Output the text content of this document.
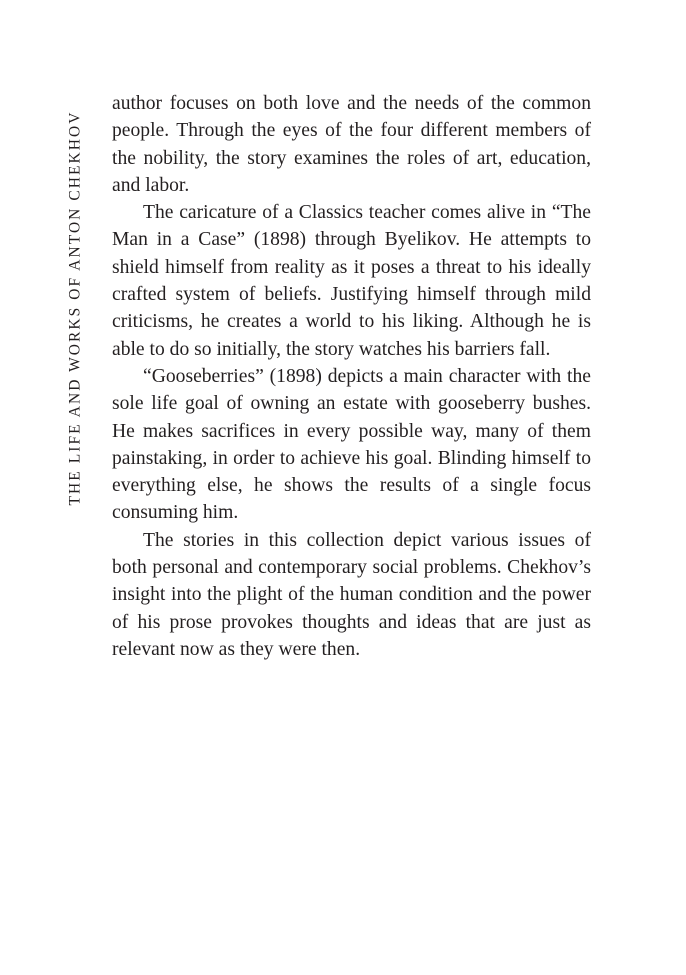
THE LIFE AND WORKS OF ANTON CHEKHOV

author focuses on both love and the needs of the common people. Through the eyes of the four different members of the nobility, the story examines the roles of art, education, and labor.

The caricature of a Classics teacher comes alive in “The Man in a Case” (1898) through Byelikov. He attempts to shield himself from reality as it poses a threat to his ideally crafted system of beliefs. Justifying himself through mild criticisms, he creates a world to his liking. Although he is able to do so initially, the story watches his barriers fall.

“Gooseberries” (1898) depicts a main character with the sole life goal of owning an estate with gooseberry bushes. He makes sacrifices in every possible way, many of them painstaking, in order to achieve his goal. Blinding himself to everything else, he shows the results of a single focus consuming him.

The stories in this collection depict various issues of both personal and contemporary social problems. Chekhov’s insight into the plight of the human condition and the power of his prose provokes thoughts and ideas that are just as relevant now as they were then.
